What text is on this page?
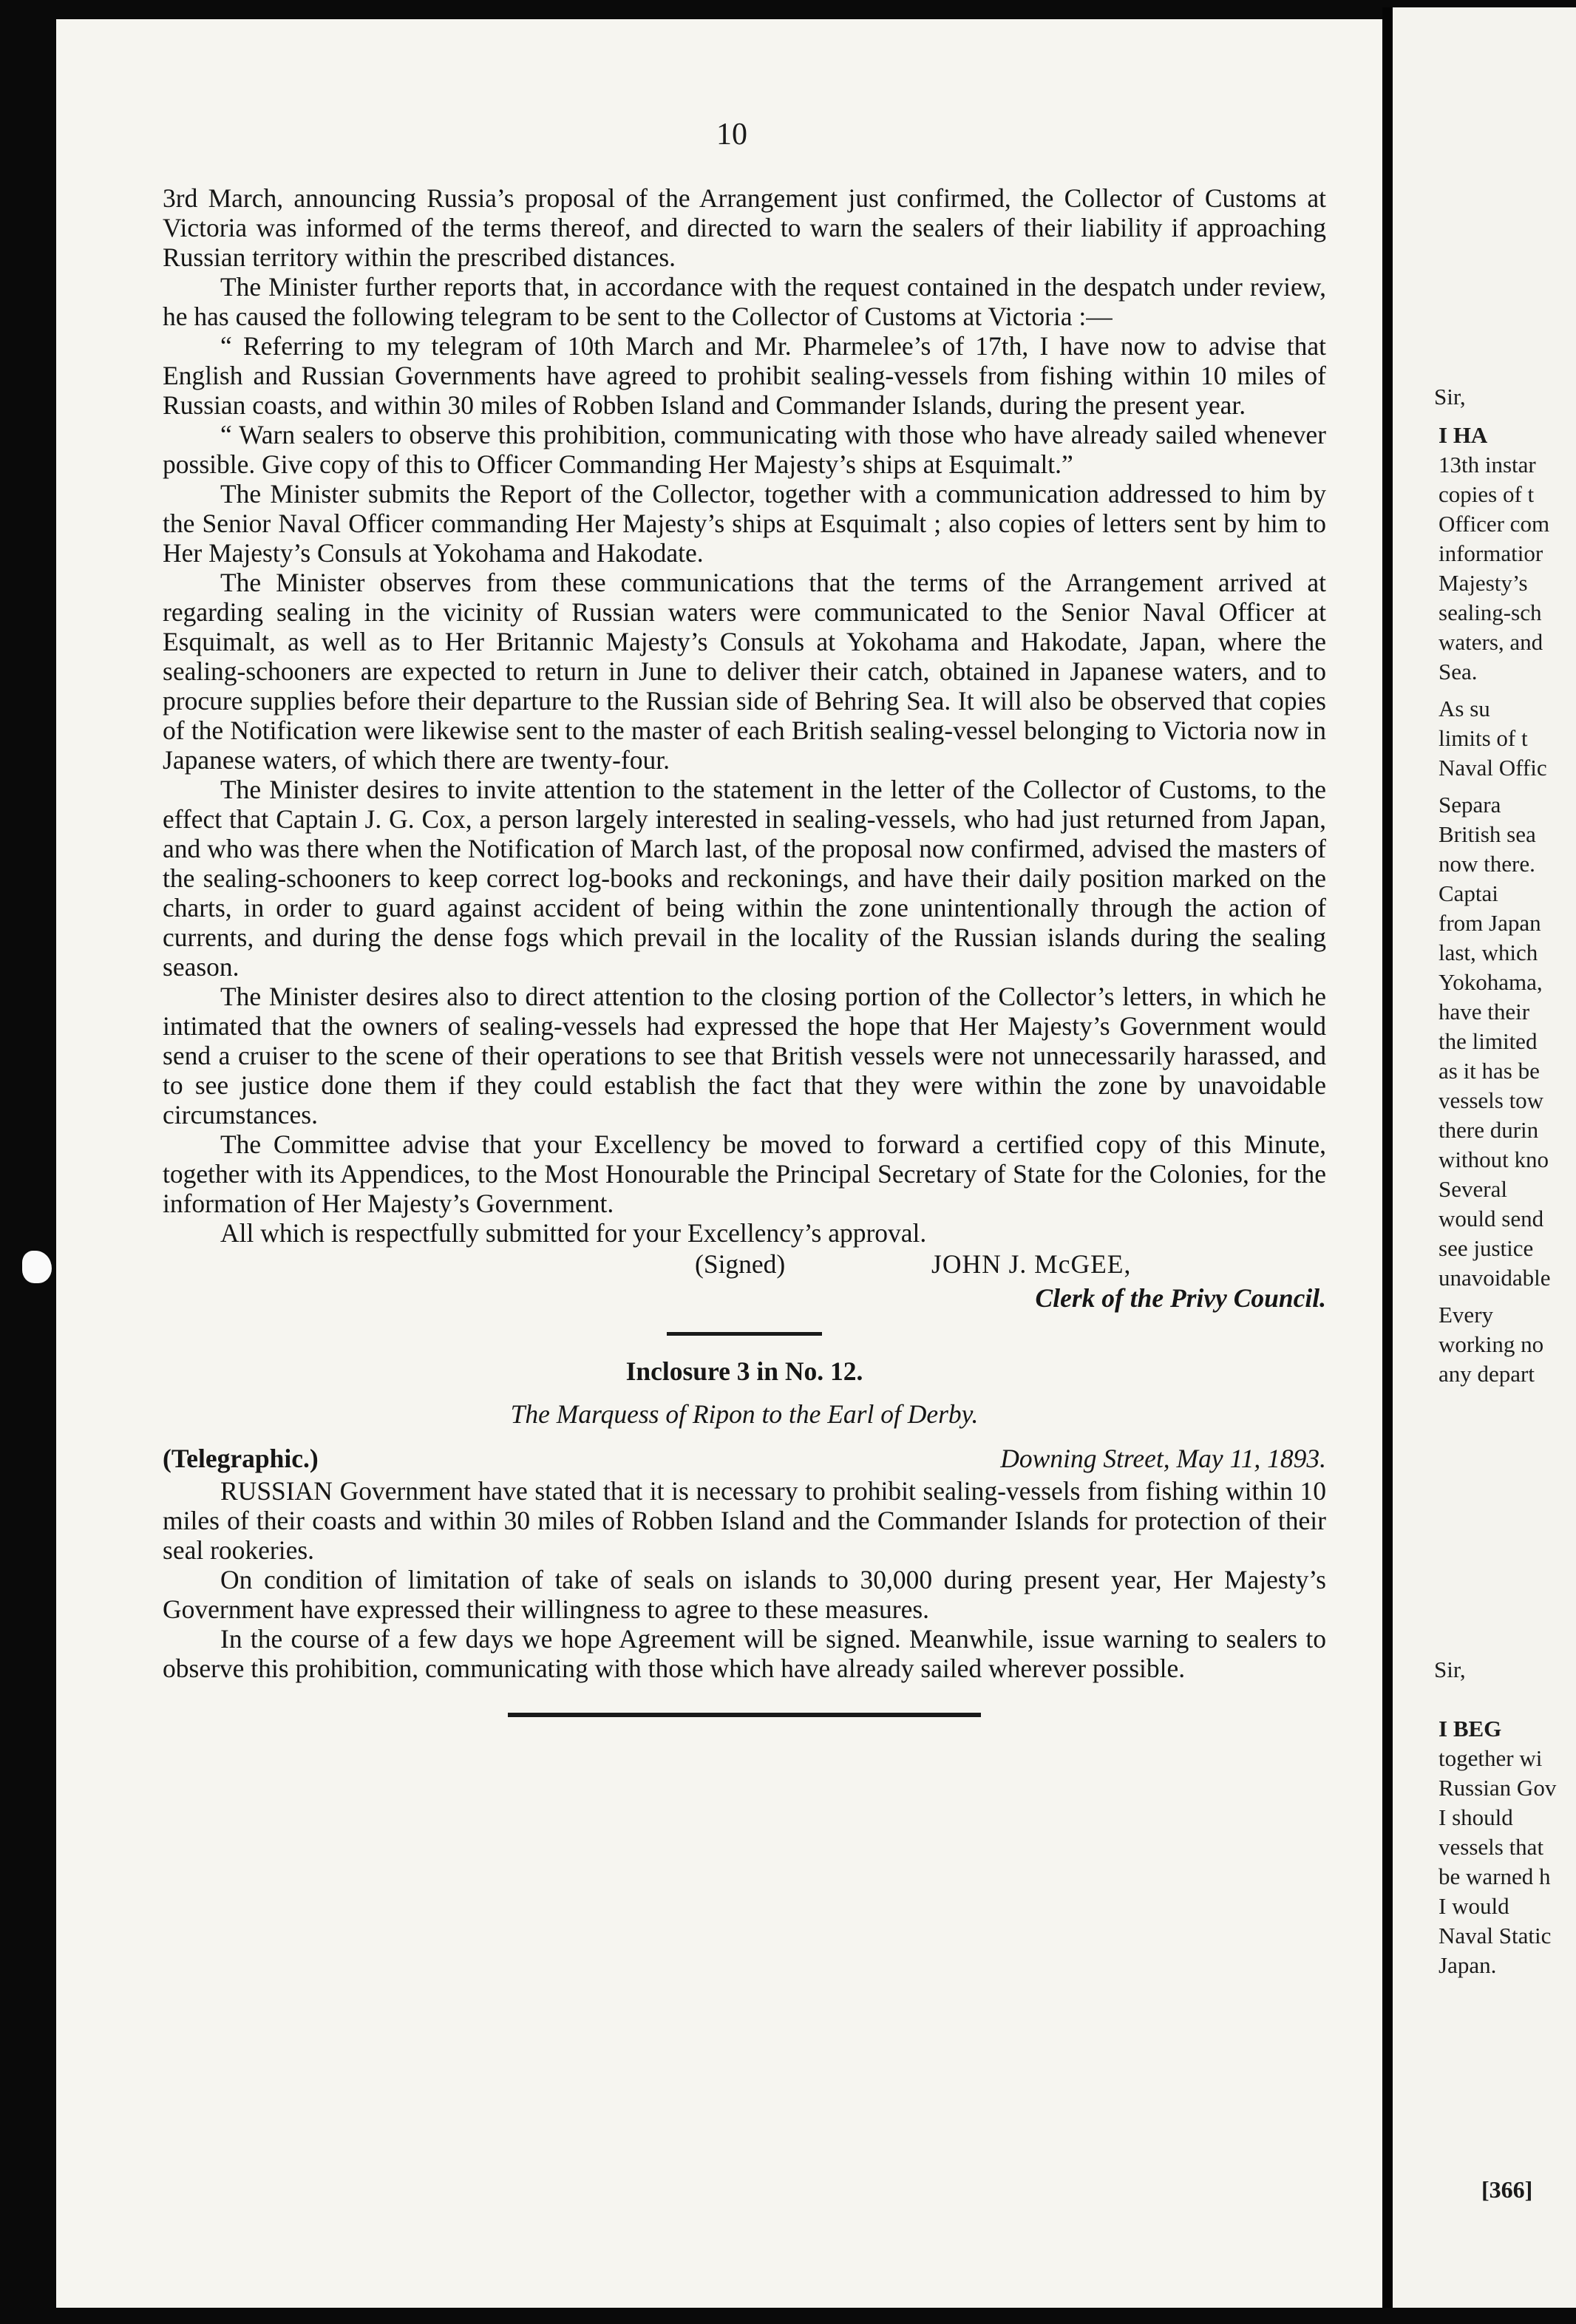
10

3rd March, announcing Russia’s proposal of the Arrangement just confirmed, the Collector of Customs at Victoria was informed of the terms thereof, and directed to warn the sealers of their liability if approaching Russian territory within the prescribed distances.

The Minister further reports that, in accordance with the request contained in the despatch under review, he has caused the following telegram to be sent to the Collector of Customs at Victoria :—

“ Referring to my telegram of 10th March and Mr. Pharmelee’s of 17th, I have now to advise that English and Russian Governments have agreed to prohibit sealing-vessels from fishing within 10 miles of Russian coasts, and within 30 miles of Robben Island and Commander Islands, during the present year.

“ Warn sealers to observe this prohibition, communicating with those who have already sailed whenever possible. Give copy of this to Officer Commanding Her Majesty’s ships at Esquimalt.”

The Minister submits the Report of the Collector, together with a communication addressed to him by the Senior Naval Officer commanding Her Majesty’s ships at Esquimalt ; also copies of letters sent by him to Her Majesty’s Consuls at Yokohama and Hakodate.

The Minister observes from these communications that the terms of the Arrangement arrived at regarding sealing in the vicinity of Russian waters were communicated to the Senior Naval Officer at Esquimalt, as well as to Her Britannic Majesty’s Consuls at Yokohama and Hakodate, Japan, where the sealing-schooners are expected to return in June to deliver their catch, obtained in Japanese waters, and to procure supplies before their departure to the Russian side of Behring Sea. It will also be observed that copies of the Notification were likewise sent to the master of each British sealing-vessel belonging to Victoria now in Japanese waters, of which there are twenty-four.

The Minister desires to invite attention to the statement in the letter of the Collector of Customs, to the effect that Captain J. G. Cox, a person largely interested in sealing-vessels, who had just returned from Japan, and who was there when the Notification of March last, of the proposal now confirmed, advised the masters of the sealing-schooners to keep correct log-books and reckonings, and have their daily position marked on the charts, in order to guard against accident of being within the zone unintentionally through the action of currents, and during the dense fogs which prevail in the locality of the Russian islands during the sealing season.

The Minister desires also to direct attention to the closing portion of the Collector’s letters, in which he intimated that the owners of sealing-vessels had expressed the hope that Her Majesty’s Government would send a cruiser to the scene of their operations to see that British vessels were not unnecessarily harassed, and to see justice done them if they could establish the fact that they were within the zone by unavoidable circumstances.

The Committee advise that your Excellency be moved to forward a certified copy of this Minute, together with its Appendices, to the Most Honourable the Principal Secretary of State for the Colonies, for the information of Her Majesty’s Government.

All which is respectfully submitted for your Excellency’s approval.

(Signed)	JOHN J. McGEE,
Clerk of the Privy Council.
Inclosure 3 in No. 12.
The Marquess of Ripon to the Earl of Derby.
(Telegraphic.)	Downing Street, May 11, 1893.

RUSSIAN Government have stated that it is necessary to prohibit sealing-vessels from fishing within 10 miles of their coasts and within 30 miles of Robben Island and the Commander Islands for protection of their seal rookeries.

On condition of limitation of take of seals on islands to 30,000 during present year, Her Majesty’s Government have expressed their willingness to agree to these measures.

In the course of a few days we hope Agreement will be signed. Meanwhile, issue warning to sealers to observe this prohibition, communicating with those which have already sailed wherever possible.

Sir,
I HA
13th instar
copies of t
Officer com
informatior
Majesty’s
sealing-sch
waters, and
Sea.
As su
limits of t
Naval Offic
Separa
British sea
now there.
Captai
from Japan
last, which
Yokohama,
have their
the limited
as it has be
vessels tow
there durin
without kno
Several
would send
see justice
unavoidable
Every
working no
any depart
Sir,
I BEG
together wi
Russian Gov
I should
vessels that
be warned h
I would
Naval Static
Japan.
[366]
